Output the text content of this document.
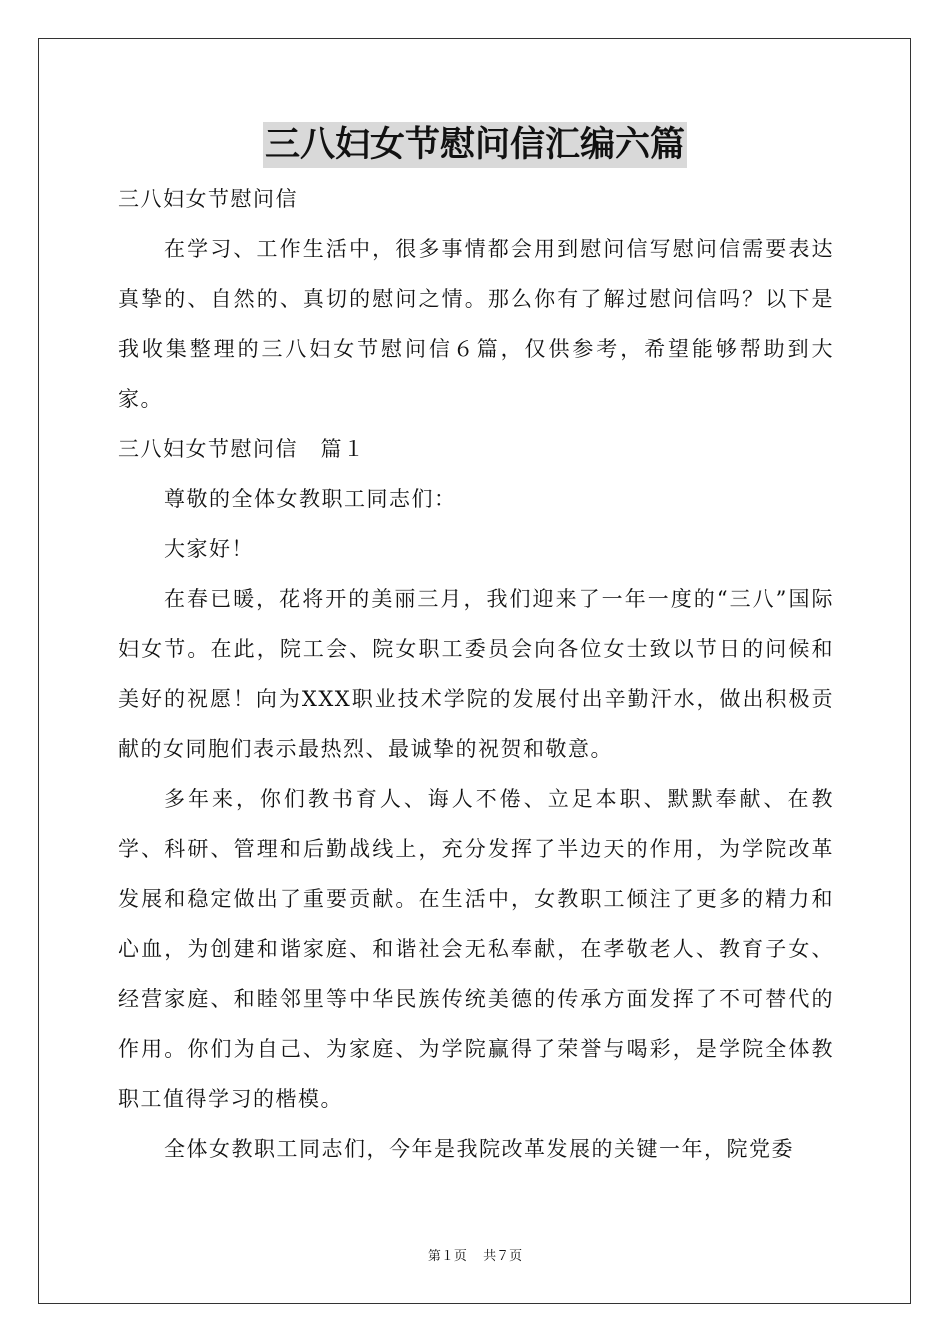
三八妇女节慰问信汇编六篇

三八妇女节慰问信

在学习、工作生活中，很多事情都会用到慰问信写慰问信需要表达真挚的、自然的、真切的慰问之情。那么你有了解过慰问信吗？以下是我收集整理的三八妇女节慰问信６篇，仅供参考，希望能够帮助到大家。

三八妇女节慰问信　篇１

尊敬的全体女教职工同志们：

大家好！

在春已暖，花将开的美丽三月，我们迎来了一年一度的“三八”国际妇女节。在此，院工会、院女职工委员会向各位女士致以节日的问候和美好的祝愿！向为XXX职业技术学院的发展付出辛勤汗水，做出积极贡献的女同胞们表示最热烈、最诚挚的祝贺和敬意。

多年来，你们教书育人、诲人不倦、立足本职、默默奉献、在教学、科研、管理和后勤战线上，充分发挥了半边天的作用，为学院改革发展和稳定做出了重要贡献。在生活中，女教职工倾注了更多的精力和心血，为创建和谐家庭、和谐社会无私奉献，在孝敬老人、教育子女、经营家庭、和睦邻里等中华民族传统美德的传承方面发挥了不可替代的作用。你们为自己、为家庭、为学院赢得了荣誉与喝彩，是学院全体教职工值得学习的楷模。

全体女教职工同志们，今年是我院改革发展的关键一年，院党委

第１页 共７页
